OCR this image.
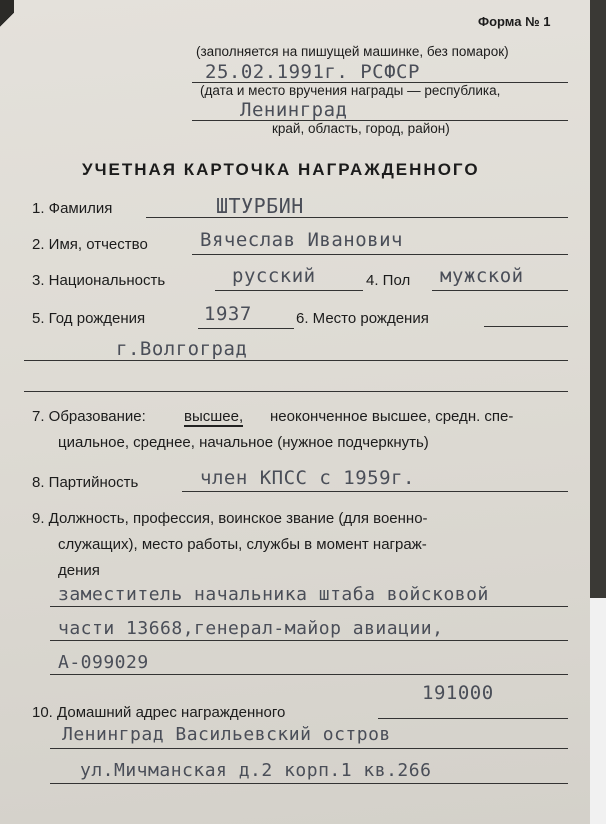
Форма № 1
(заполняется на пишущей машинке, без помарок)
25.02.1991г. РСФСР
(дата и место вручения награды — республика,
Ленинград
край, область, город, район)
УЧЕТНАЯ КАРТОЧКА НАГРАЖДЕННОГО
1. Фамилия	ШТУРБИН
2. Имя, отчество	Вячеслав Иванович
3. Национальность	русский	4. Пол мужской
5. Год рождения	1937	6. Место рождения
г.Волгоград
7. Образование:	высшее, неоконченное высшее, средн. спе-
циальное, среднее, начальное (нужное подчеркнуть)
8. Партийность	член КПСС с 1959г.
9. Должность, профессия, воинское звание (для военно-
служащих), место работы, службы в момент награж-
дения
заместитель начальника штаба войсковой
части 13668,генерал-майор авиации,
А-099029
191000
10. Домашний адрес награжденного
Ленинград Васильевский остров
ул.Мичманская д.2 корп.1 кв.266
